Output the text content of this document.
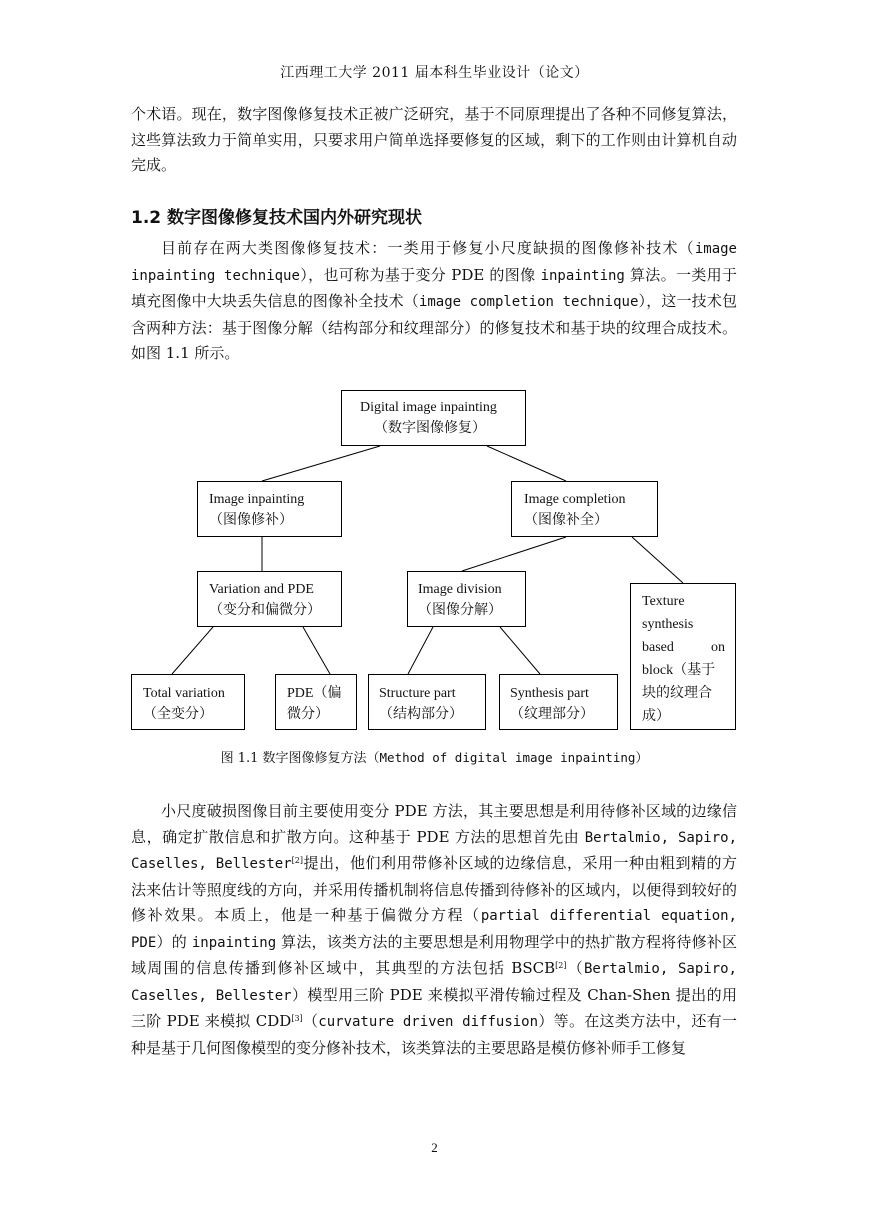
江西理工大学 2011 届本科生毕业设计（论文）
个术语。现在，数字图像修复技术正被广泛研究，基于不同原理提出了各种不同修复算法，这些算法致力于简单实用，只要求用户简单选择要修复的区域，剩下的工作则由计算机自动完成。
1.2 数字图像修复技术国内外研究现状
目前存在两大类图像修复技术：一类用于修复小尺度缺损的图像修补技术（image inpainting technique），也可称为基于变分 PDE 的图像 inpainting 算法。一类用于填充图像中大块丢失信息的图像补全技术（image completion technique），这一技术包含两种方法：基于图像分解（结构部分和纹理部分）的修复技术和基于块的纹理合成技术。如图 1.1 所示。
Digital image inpainting
（数字图像修复）
Image inpainting
（图像修补）
Image completion
（图像补全）
Variation and PDE
（变分和偏微分）
Image division
（图像分解）
Texture
synthesis
based	on
block（基于
块的纹理合
成）
Total variation
（全变分）
PDE（偏
微分）
Structure part
（结构部分）
Synthesis part
（纹理部分）
图 1.1 数字图像修复方法（Method of digital image inpainting）
小尺度破损图像目前主要使用变分 PDE 方法，其主要思想是利用待修补区域的边缘信息，确定扩散信息和扩散方向。这种基于 PDE 方法的思想首先由 Bertalmio, Sapiro, Caselles, Bellester[2]提出，他们利用带修补区域的边缘信息，采用一种由粗到精的方法来估计等照度线的方向，并采用传播机制将信息传播到待修补的区域内，以便得到较好的修补效果。本质上，他是一种基于偏微分方程（partial differential equation, PDE）的 inpainting 算法，该类方法的主要思想是利用物理学中的热扩散方程将待修补区域周围的信息传播到修补区域中，其典型的方法包括 BSCB[2]（Bertalmio, Sapiro, Caselles, Bellester）模型用三阶 PDE 来模拟平滑传输过程及 Chan-Shen 提出的用三阶 PDE 来模拟 CDD[3]（curvature driven diffusion）等。在这类方法中，还有一种是基于几何图像模型的变分修补技术，该类算法的主要思路是模仿修补师手工修复
2
